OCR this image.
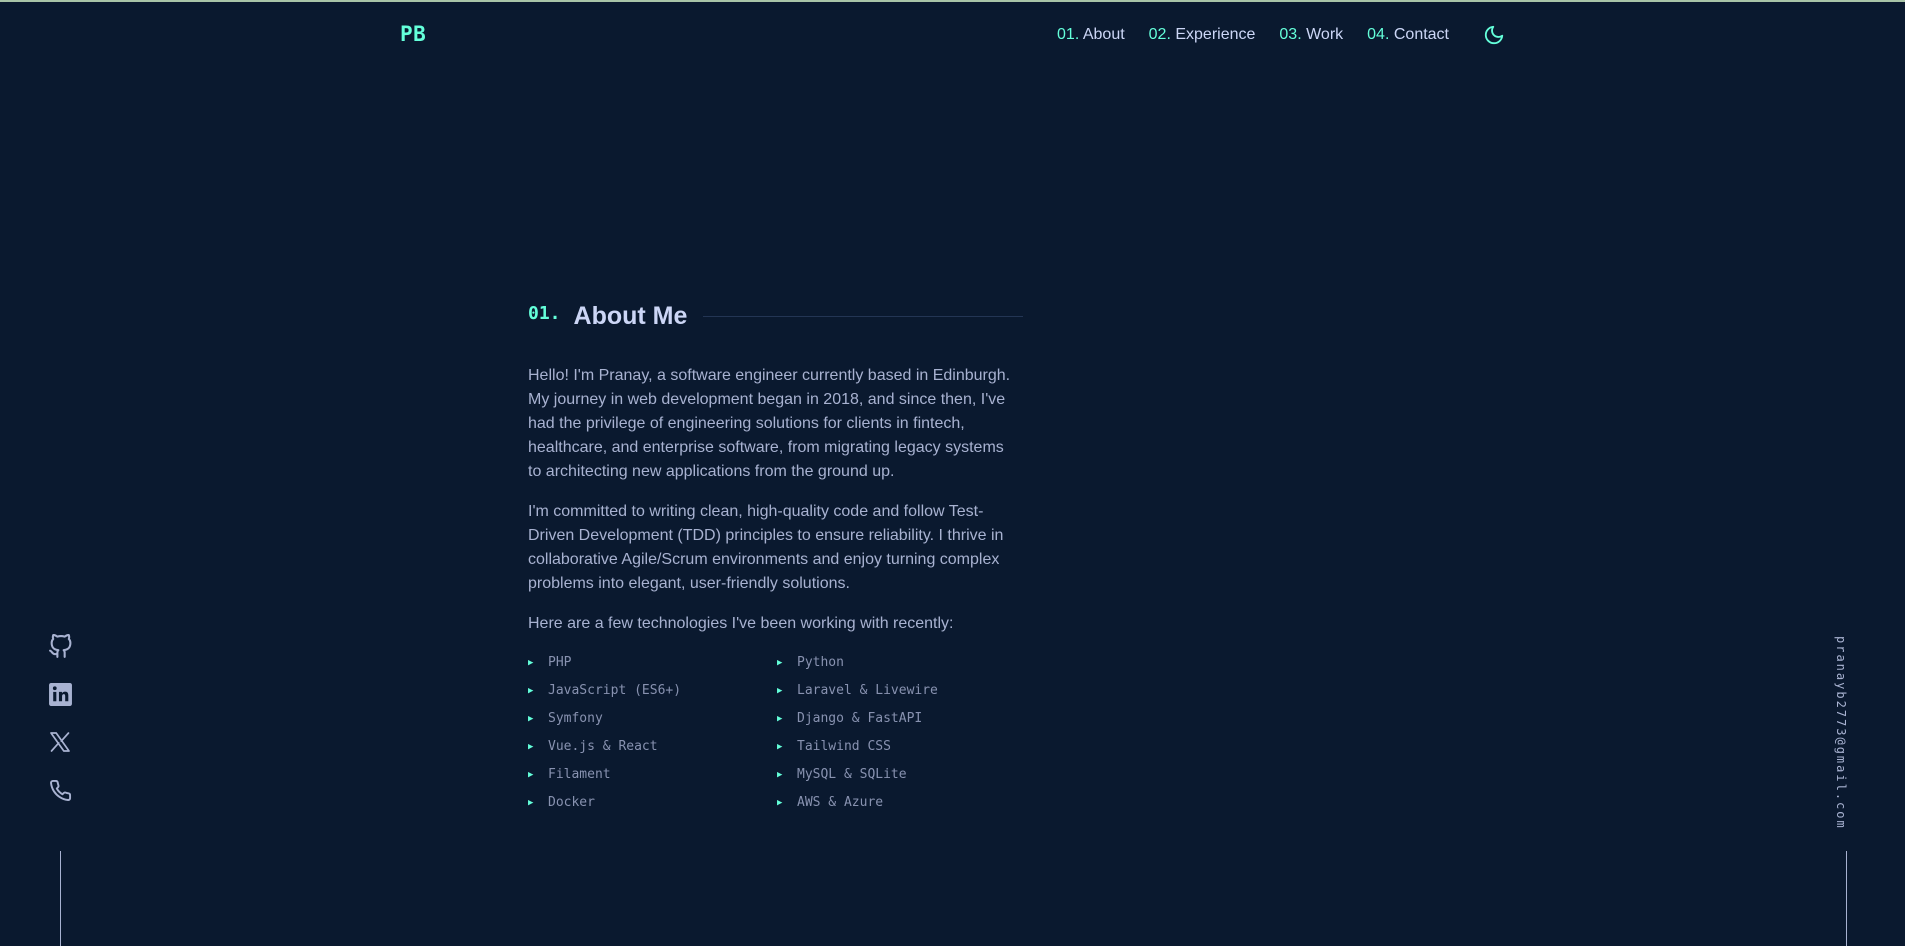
PB	01. About 02. Experience 03. Work 04. Contact
01. About Me

Hello! I'm Pranay, a software engineer currently based in Edinburgh. My journey in web development began in 2018, and since then, I've had the privilege of engineering solutions for clients in fintech, healthcare, and enterprise software, from migrating legacy systems to architecting new applications from the ground up.

I'm committed to writing clean, high-quality code and follow Test-Driven Development (TDD) principles to ensure reliability. I thrive in collaborative Agile/Scrum environments and enjoy turning complex problems into elegant, user-friendly solutions.

Here are a few technologies I've been working with recently:

▶ PHP	▶ Python
▶ JavaScript (ES6+)	▶ Laravel & Livewire
▶ Symfony	▶ Django & FastAPI
▶ Vue.js & React	▶ Tailwind CSS
▶ Filament	▶ MySQL & SQLite
▶ Docker	▶ AWS & Azure	pranayb2773@gmail.com
